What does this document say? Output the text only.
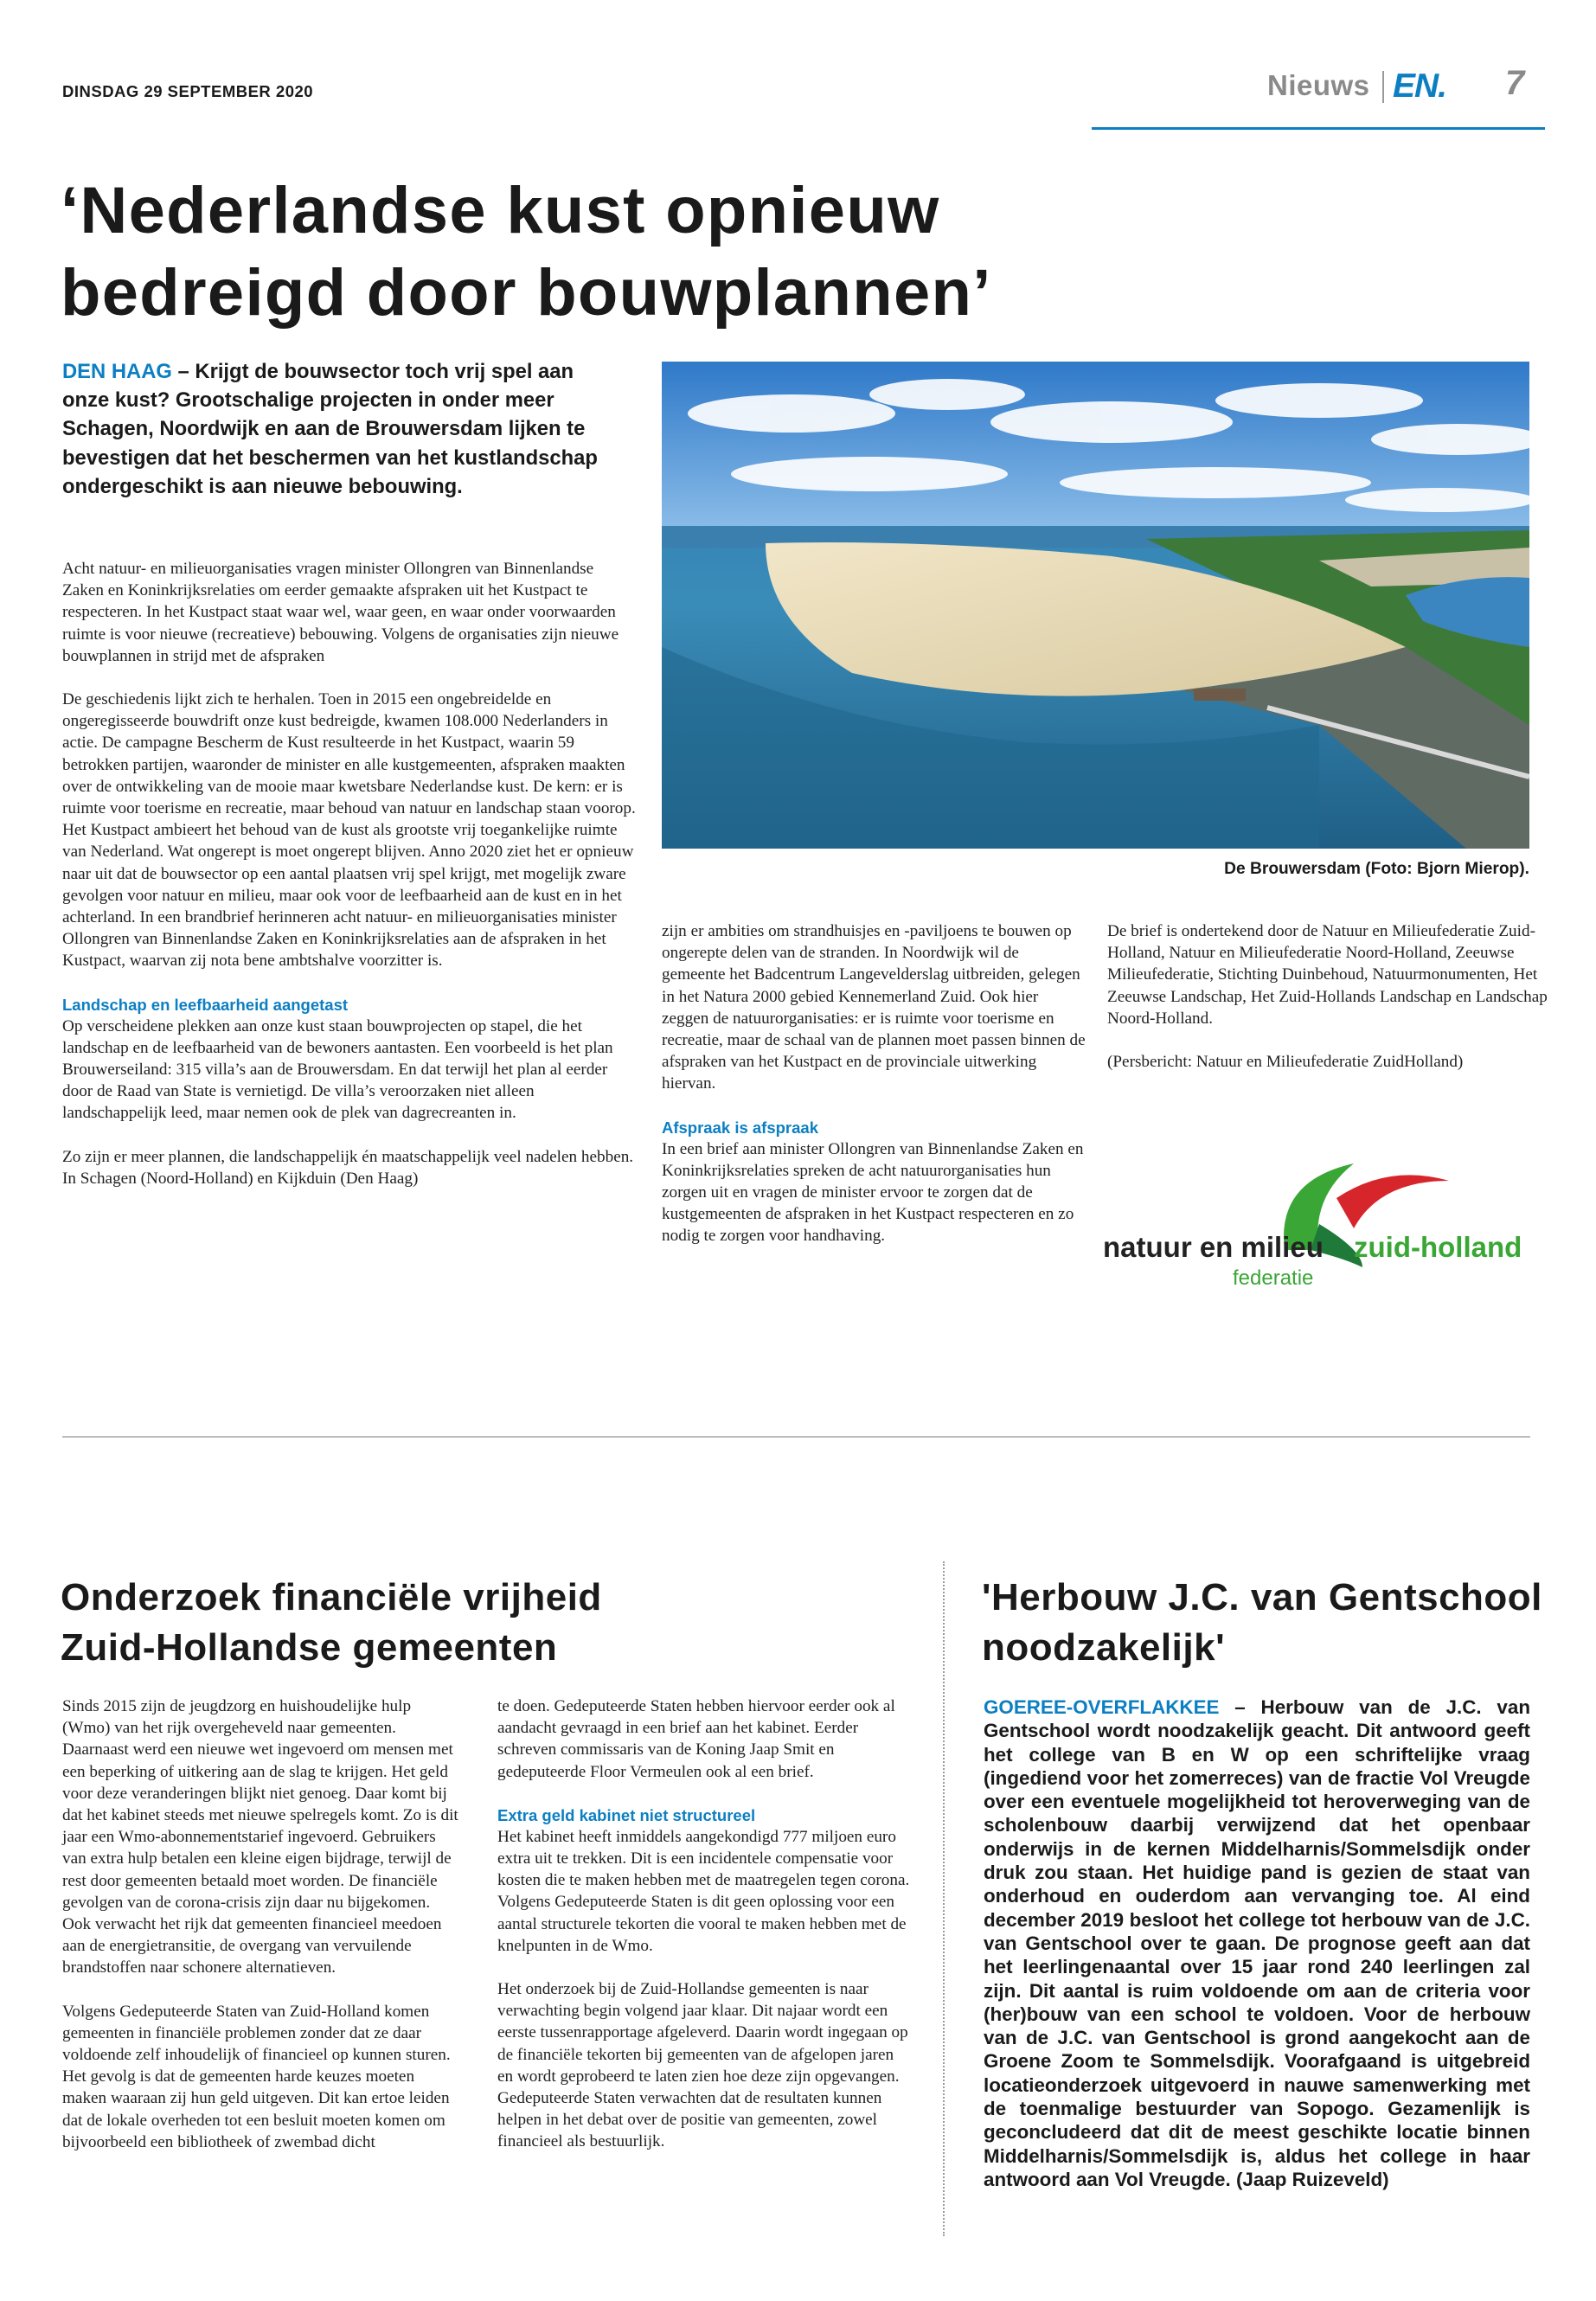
DINSDAG 29 SEPTEMBER 2020	Nieuws EN. 7
‘Nederlandse kust opnieuw bedreigd door bouwplannen’
DEN HAAG – Krijgt de bouwsector toch vrij spel aan onze kust? Grootschalige projecten in onder meer Schagen, Noordwijk en aan de Brouwersdam lijken te bevestigen dat het beschermen van het kustlandschap ondergeschikt is aan nieuwe bebouwing.

Acht natuur- en milieuorganisaties vragen minister Ollongren van Binnenlandse Zaken en Koninkrijksrelaties om eerder gemaakte afspraken uit het Kustpact te respecteren. In het Kustpact staat waar wel, waar geen, en waar onder voorwaarden ruimte is voor nieuwe (recreatieve) bebouwing. Volgens de organisaties zijn nieuwe bouwplannen in strijd met de afspraken

De geschiedenis lijkt zich te herhalen. Toen in 2015 een ongebreidelde en ongeregisseerde bouwdrift onze kust bedreigde, kwamen 108.000 Nederlanders in actie. De campagne Bescherm de Kust resulteerde in het Kustpact, waarin 59 betrokken partijen, waaronder de minister en alle kustgemeenten, afspraken maakten over de ontwikkeling van de mooie maar kwetsbare Nederlandse kust. De kern: er is ruimte voor toerisme en recreatie, maar behoud van natuur en landschap staan voorop. Het Kustpact ambieert het behoud van de kust als grootste vrij toegankelijke ruimte van Nederland. Wat ongerept is moet ongerept blijven. Anno 2020 ziet het er opnieuw naar uit dat de bouwsector op een aantal plaatsen vrij spel krijgt, met mogelijk zware gevolgen voor natuur en milieu, maar ook voor de leefbaarheid aan de kust en in het achterland. In een brandbrief herinneren acht natuur- en milieuorganisaties minister Ollongren van Binnenlandse Zaken en Koninkrijksrelaties aan de afspraken in het Kustpact, waarvan zij nota bene ambtshalve voorzitter is.

Landschap en leefbaarheid aangetast

Op verscheidene plekken aan onze kust staan bouwprojecten op stapel, die het landschap en de leefbaarheid van de bewoners aantasten. Een voorbeeld is het plan Brouwerseiland: 315 villa’s aan de Brouwersdam. En dat terwijl het plan al eerder door de Raad van State is vernietigd. De villa’s veroorzaken niet alleen landschappelijk leed, maar nemen ook de plek van dagrecreanten in.

Zo zijn er meer plannen, die landschappelijk én maatschappelijk veel nadelen hebben. In Schagen (Noord-Holland) en Kijkduin (Den Haag)

De Brouwersdam (Foto: Bjorn Mierop).

zijn er ambities om strandhuisjes en -paviljoens te bouwen op ongerepte delen van de stranden. In Noordwijk wil de gemeente het Badcentrum Langevelderslag uitbreiden, gelegen in het Natura 2000 gebied Kennemerland Zuid. Ook hier zeggen de natuurorganisaties: er is ruimte voor toerisme en recreatie, maar de schaal van de plannen moet passen binnen de afspraken van het Kustpact en de provinciale uitwerking hiervan.

Afspraak is afspraak

In een brief aan minister Ollongren van Binnenlandse Zaken en Koninkrijksrelaties spreken de acht natuurorganisaties hun zorgen uit en vragen de minister ervoor te zorgen dat de kustgemeenten de afspraken in het Kustpact respecteren en zo nodig te zorgen voor handhaving.

De brief is ondertekend door de Natuur en Milieufederatie Zuid-Holland, Natuur en Milieufederatie Noord-Holland, Zeeuwse Milieufederatie, Stichting Duinbehoud, Natuurmonumenten, Het Zeeuwse Landschap, Het Zuid-Hollands Landschap en Landschap Noord-Holland.

(Persbericht: Natuur en Milieufederatie ZuidHolland)

natuur en milieu zuid-holland
federatie
Onderzoek financiële vrijheid Zuid-Hollandse gemeenten

Sinds 2015 zijn de jeugdzorg en huishoudelijke hulp (Wmo) van het rijk overgeheveld naar gemeenten. Daarnaast werd een nieuwe wet ingevoerd om mensen met een beperking of uitkering aan de slag te krijgen. Het geld voor deze veranderingen blijkt niet genoeg. Daar komt bij dat het kabinet steeds met nieuwe spelregels komt. Zo is dit jaar een Wmo-abonnementstarief ingevoerd. Gebruikers van extra hulp betalen een kleine eigen bijdrage, terwijl de rest door gemeenten betaald moet worden. De financiële gevolgen van de corona-crisis zijn daar nu bijgekomen. Ook verwacht het rijk dat gemeenten financieel meedoen aan de energietransitie, de overgang van vervuilende brandstoffen naar schonere alternatieven.

Volgens Gedeputeerde Staten van Zuid-Holland komen gemeenten in financiële problemen zonder dat ze daar voldoende zelf inhoudelijk of financieel op kunnen sturen. Het gevolg is dat de gemeenten harde keuzes moeten maken waaraan zij hun geld uitgeven. Dit kan ertoe leiden dat de lokale overheden tot een besluit moeten komen om bijvoorbeeld een bibliotheek of zwembad dicht

te doen. Gedeputeerde Staten hebben hiervoor eerder ook al aandacht gevraagd in een brief aan het kabinet. Eerder schreven commissaris van de Koning Jaap Smit en gedeputeerde Floor Vermeulen ook al een brief.

Extra geld kabinet niet structureel

Het kabinet heeft inmiddels aangekondigd 777 miljoen euro extra uit te trekken. Dit is een incidentele compensatie voor kosten die te maken hebben met de maatregelen tegen corona. Volgens Gedeputeerde Staten is dit geen oplossing voor een aantal structurele tekorten die vooral te maken hebben met de knelpunten in de Wmo.

Het onderzoek bij de Zuid-Hollandse gemeenten is naar verwachting begin volgend jaar klaar. Dit najaar wordt een eerste tussenrapportage afgeleverd. Daarin wordt ingegaan op de financiële tekorten bij gemeenten van de afgelopen jaren en wordt geprobeerd te laten zien hoe deze zijn opgevangen. Gedeputeerde Staten verwachten dat de resultaten kunnen helpen in het debat over de positie van gemeenten, zowel financieel als bestuurlijk.

'Herbouw J.C. van Gentschool noodzakelijk'
GOEREE-OVERFLAKKEE – Herbouw van de J.C. van Gentschool wordt noodzakelijk geacht. Dit antwoord geeft het college van B en W op een schriftelijke vraag (ingediend voor het zomerreces) van de fractie Vol Vreugde over een eventuele mogelijkheid tot heroverweging van de scholenbouw daarbij verwijzend dat het openbaar onderwijs in de kernen Middelharnis/Sommelsdijk onder druk zou staan. Het huidige pand is gezien de staat van onderhoud en ouderdom aan vervanging toe. Al eind december 2019 besloot het college tot herbouw van de J.C. van Gentschool over te gaan. De prognose geeft aan dat het leerlingenaantal over 15 jaar rond 240 leerlingen zal zijn. Dit aantal is ruim voldoende om aan de criteria voor (her)bouw van een school te voldoen. Voor de herbouw van de J.C. van Gentschool is grond aangekocht aan de Groene Zoom te Sommelsdijk. Voorafgaand is uitgebreid locatieonderzoek uitgevoerd in nauwe samenwerking met de toenmalige bestuurder van Sopogo. Gezamenlijk is geconcludeerd dat dit de meest geschikte locatie binnen Middelharnis/Sommelsdijk is, aldus het college in haar antwoord aan Vol Vreugde. (Jaap Ruizeveld)
